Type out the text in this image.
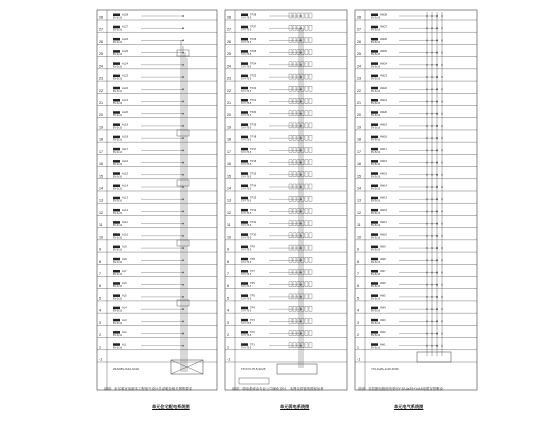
28
AL28
BV-3x10
27
AL27
BV-3x10
26
AL26
BV-3x10
25
AL25
BV-3x10
24
AL24
BV-3x10
23
AL23
BV-3x10
22
AL22
BV-3x10
21
AL21
BV-3x10
20
AL20
BV-3x10
19
AL19
BV-3x10
18
AL18
BV-3x10
17
AL17
BV-3x10
16
AL16
BV-3x10
15
AL15
BV-3x10
14
AL14
BV-3x10
13
AL13
BV-3x10
12
AL12
BV-3x10
11
AL11
BV-3x10
10
AL10
BV-3x10
9
AL9
BV-3x10
8
AL8
BV-3x10
7
AL7
BV-3x10
6
AL6
BV-3x10
5
AL5
BV-3x10
4
AL4
BV-3x10
3
AL3
BV-3x10
2
AL2
BV-3x10
1
AL1
BV-3x10
-1
WLM-BV-3x10-SC32
28
TP28
SYV-75-5
27
TP27
SYV-75-5
26
TP26
SYV-75-5
25
TP25
SYV-75-5
24
TP24
SYV-75-5
23
TP23
SYV-75-5
22
TP22
SYV-75-5
21
TP21
SYV-75-5
20
TP20
SYV-75-5
19
TP19
SYV-75-5
18
TP18
SYV-75-5
17
TP17
SYV-75-5
16
TP16
SYV-75-5
15
TP15
SYV-75-5
14
TP14
SYV-75-5
13
TP13
SYV-75-5
12
TP12
SYV-75-5
11
TP11
SYV-75-5
10
TP10
SYV-75-5
9
TP9
SYV-75-5
8
TP8
SYV-75-5
7
TP7
SYV-75-5
6
TP6
SYV-75-5
5
TP5
SYV-75-5
4
TP4
SYV-75-5
3
TP3
SYV-75-5
2
TP2
SYV-75-5
1
TP1
SYV-75-5
-1
TP-SYV-75-5-SC25
28
AW28
BV-5x16
27
AW27
BV-5x16
26
AW26
BV-5x16
25
AW25
BV-5x16
24
AW24
BV-5x16
23
AW23
BV-5x16
22
AW22
BV-5x16
21
AW21
BV-5x16
20
AW20
BV-5x16
19
AW19
BV-5x16
18
AW18
BV-5x16
17
AW17
BV-5x16
16
AW16
BV-5x16
15
AW15
BV-5x16
14
AW14
BV-5x16
13
AW13
BV-5x16
12
AW12
BV-5x16
11
AW11
BV-5x16
10
AW10
BV-5x16
9
AW9
BV-5x16
8
AW8
BV-5x16
7
AW7
BV-5x16
6
AW6
BV-5x16
5
AW5
BV-5x16
4
AW4
BV-5x16
3
AW3
BV-5x16
2
AW2
BV-5x16
1
AW1
BV-5x16
-1
YJV-4x25+1x16-SC50
说明：未尽事宜参照本工程电气设计总说明及相关图集要求
单元住宅配电系统图
说明：弱电系统由专业公司深化设计，本图仅供管线预留参考
单元弱电系统图
说明：各层配电箱进线采用YJV-4x25+1x16电缆穿管敷设
单元电气系统图
